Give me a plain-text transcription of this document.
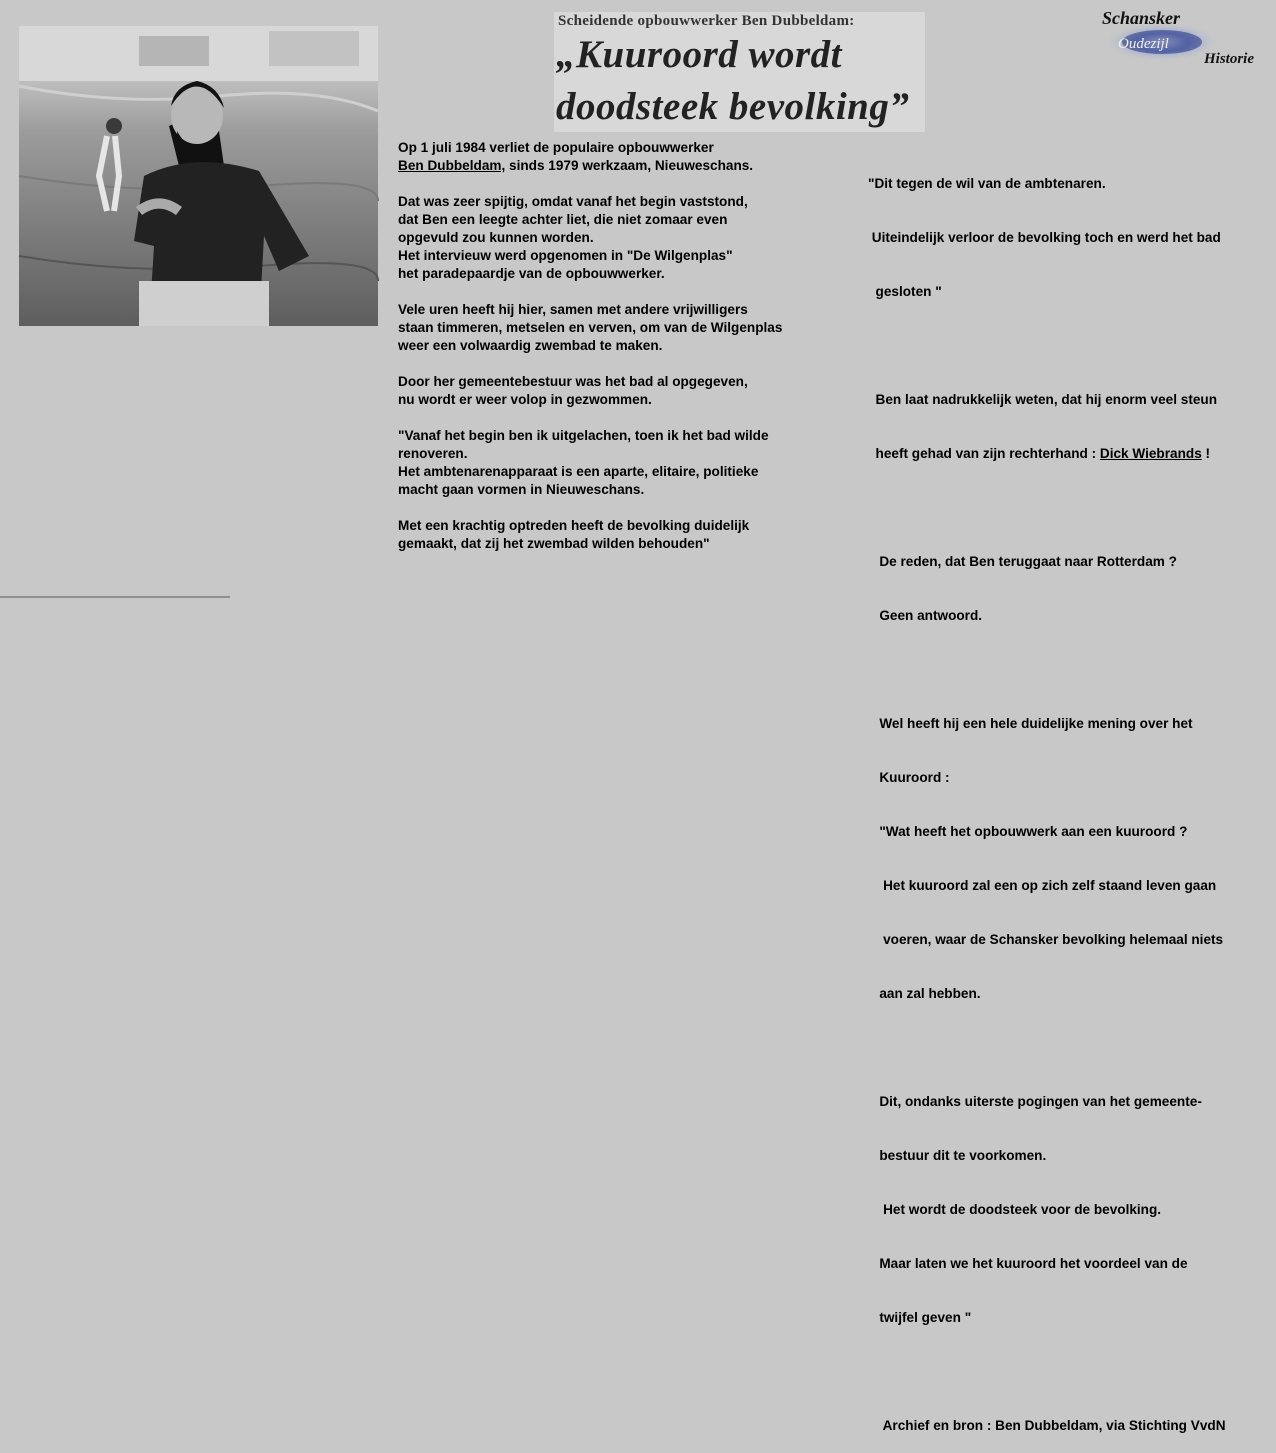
Scheidende opbouwwerker Ben Dubbeldam:
„Kuuroord wordt
doodsteek bevolking”
Schansker
Oudezijl
Historie

Op 1 juli 1984 verliet de populaire opbouwwerker

Ben Dubbeldam, sinds 1979 werkzaam, Nieuweschans.

Dat was zeer spijtig, omdat vanaf het begin vaststond,

dat Ben een leegte achter liet, die niet zomaar even

opgevuld zou kunnen worden.

Het intervieuw werd opgenomen in "De Wilgenplas"

het paradepaardje van de opbouwwerker.

Vele uren heeft hij hier, samen met andere vrijwilligers

staan timmeren, metselen en verven, om van de Wilgenplas

weer een volwaardig zwembad te maken.

Door her gemeentebestuur was het bad al opgegeven,

nu wordt er weer volop in gezwommen.

"Vanaf het begin ben ik uitgelachen, toen ik het bad wilde

renoveren.

Het ambtenarenapparaat is een aparte, elitaire, politieke

macht gaan vormen in Nieuweschans.

Met een krachtig optreden heeft de bevolking duidelijk

gemaakt, dat zij het zwembad wilden behouden"

"Dit tegen de wil van de ambtenaren.

Uiteindelijk verloor de bevolking toch en werd het bad

gesloten "

Ben laat nadrukkelijk weten, dat hij enorm veel steun

heeft gehad van zijn rechterhand : Dick Wiebrands !

De reden, dat Ben teruggaat naar Rotterdam ?

Geen antwoord.

Wel heeft hij een hele duidelijke mening over het

Kuuroord :

"Wat heeft het opbouwwerk aan een kuuroord ?

Het kuuroord zal een op zich zelf staand leven gaan

voeren, waar de Schansker bevolking helemaal niets

aan zal hebben.

Dit, ondanks uiterste pogingen van het gemeente-

bestuur dit te voorkomen.

Het wordt de doodsteek voor de bevolking.

Maar laten we het kuuroord het voordeel van de

twijfel geven "

Archief en bron : Ben Dubbeldam, via Stichting VvdN
